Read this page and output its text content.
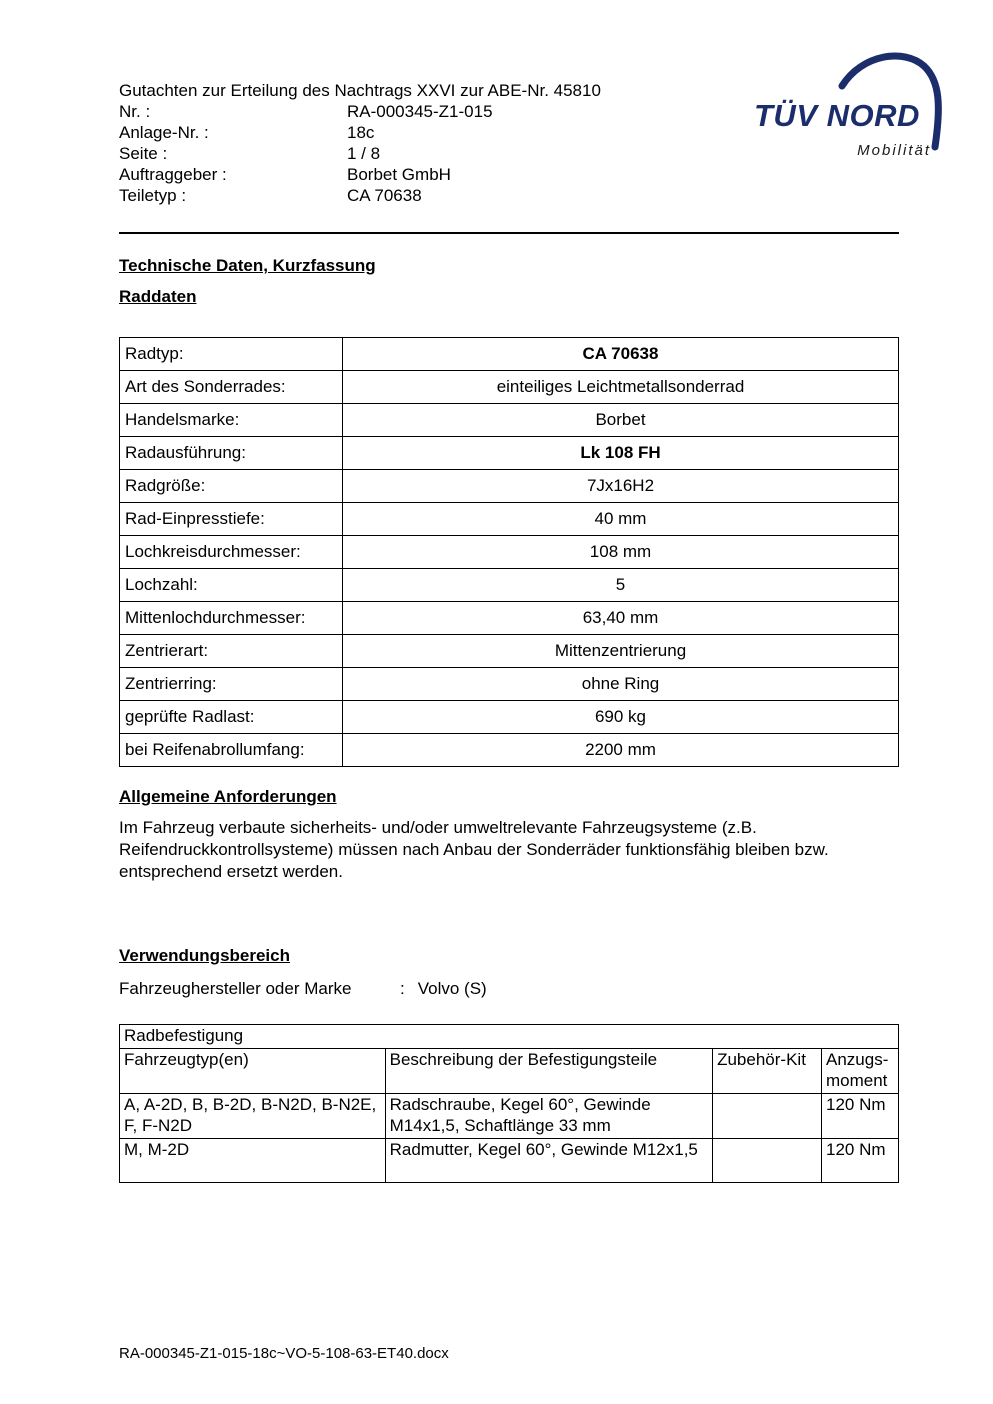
TÜV NORD
Mobilität
Gutachten zur Erteilung des Nachtrags XXVI zur ABE-Nr. 45810
Nr. :	RA-000345-Z1-015
Anlage-Nr. :	18c
Seite :	1 / 8
Auftraggeber :	Borbet GmbH
Teiletyp :	CA 70638
Technische Daten, Kurzfassung
Raddaten
Radtyp:	CA 70638
Art des Sonderrades:	einteiliges Leichtmetallsonderrad
Handelsmarke:	Borbet
Radausführung:	Lk 108 FH
Radgröße:	7Jx16H2
Rad-Einpresstiefe:	40 mm
Lochkreisdurchmesser:	108 mm
Lochzahl:	5
Mittenlochdurchmesser:	63,40 mm
Zentrierart:	Mittenzentrierung
Zentrierring:	ohne Ring
geprüfte Radlast:	690 kg
bei Reifenabrollumfang:	2200 mm
Allgemeine Anforderungen
Im Fahrzeug verbaute sicherheits- und/oder umweltrelevante Fahrzeugsysteme (z.B. Reifendruckkontrollsysteme) müssen nach Anbau der Sonderräder funktionsfähig bleiben bzw. entsprechend ersetzt werden.
Verwendungsbereich
Fahrzeughersteller oder Marke	: Volvo (S)
Radbefestigung			
Fahrzeugtyp(en)	Beschreibung der Befestigungsteile	Zubehör-Kit	Anzugs-moment
A, A-2D, B, B-2D, B-N2D, B-N2E, F, F-N2D	Radschraube, Kegel 60°, Gewinde M14x1,5, Schaftlänge 33 mm		120 Nm
M, M-2D	Radmutter, Kegel 60°, Gewinde M12x1,5		120 Nm
RA-000345-Z1-015-18c~VO-5-108-63-ET40.docx
